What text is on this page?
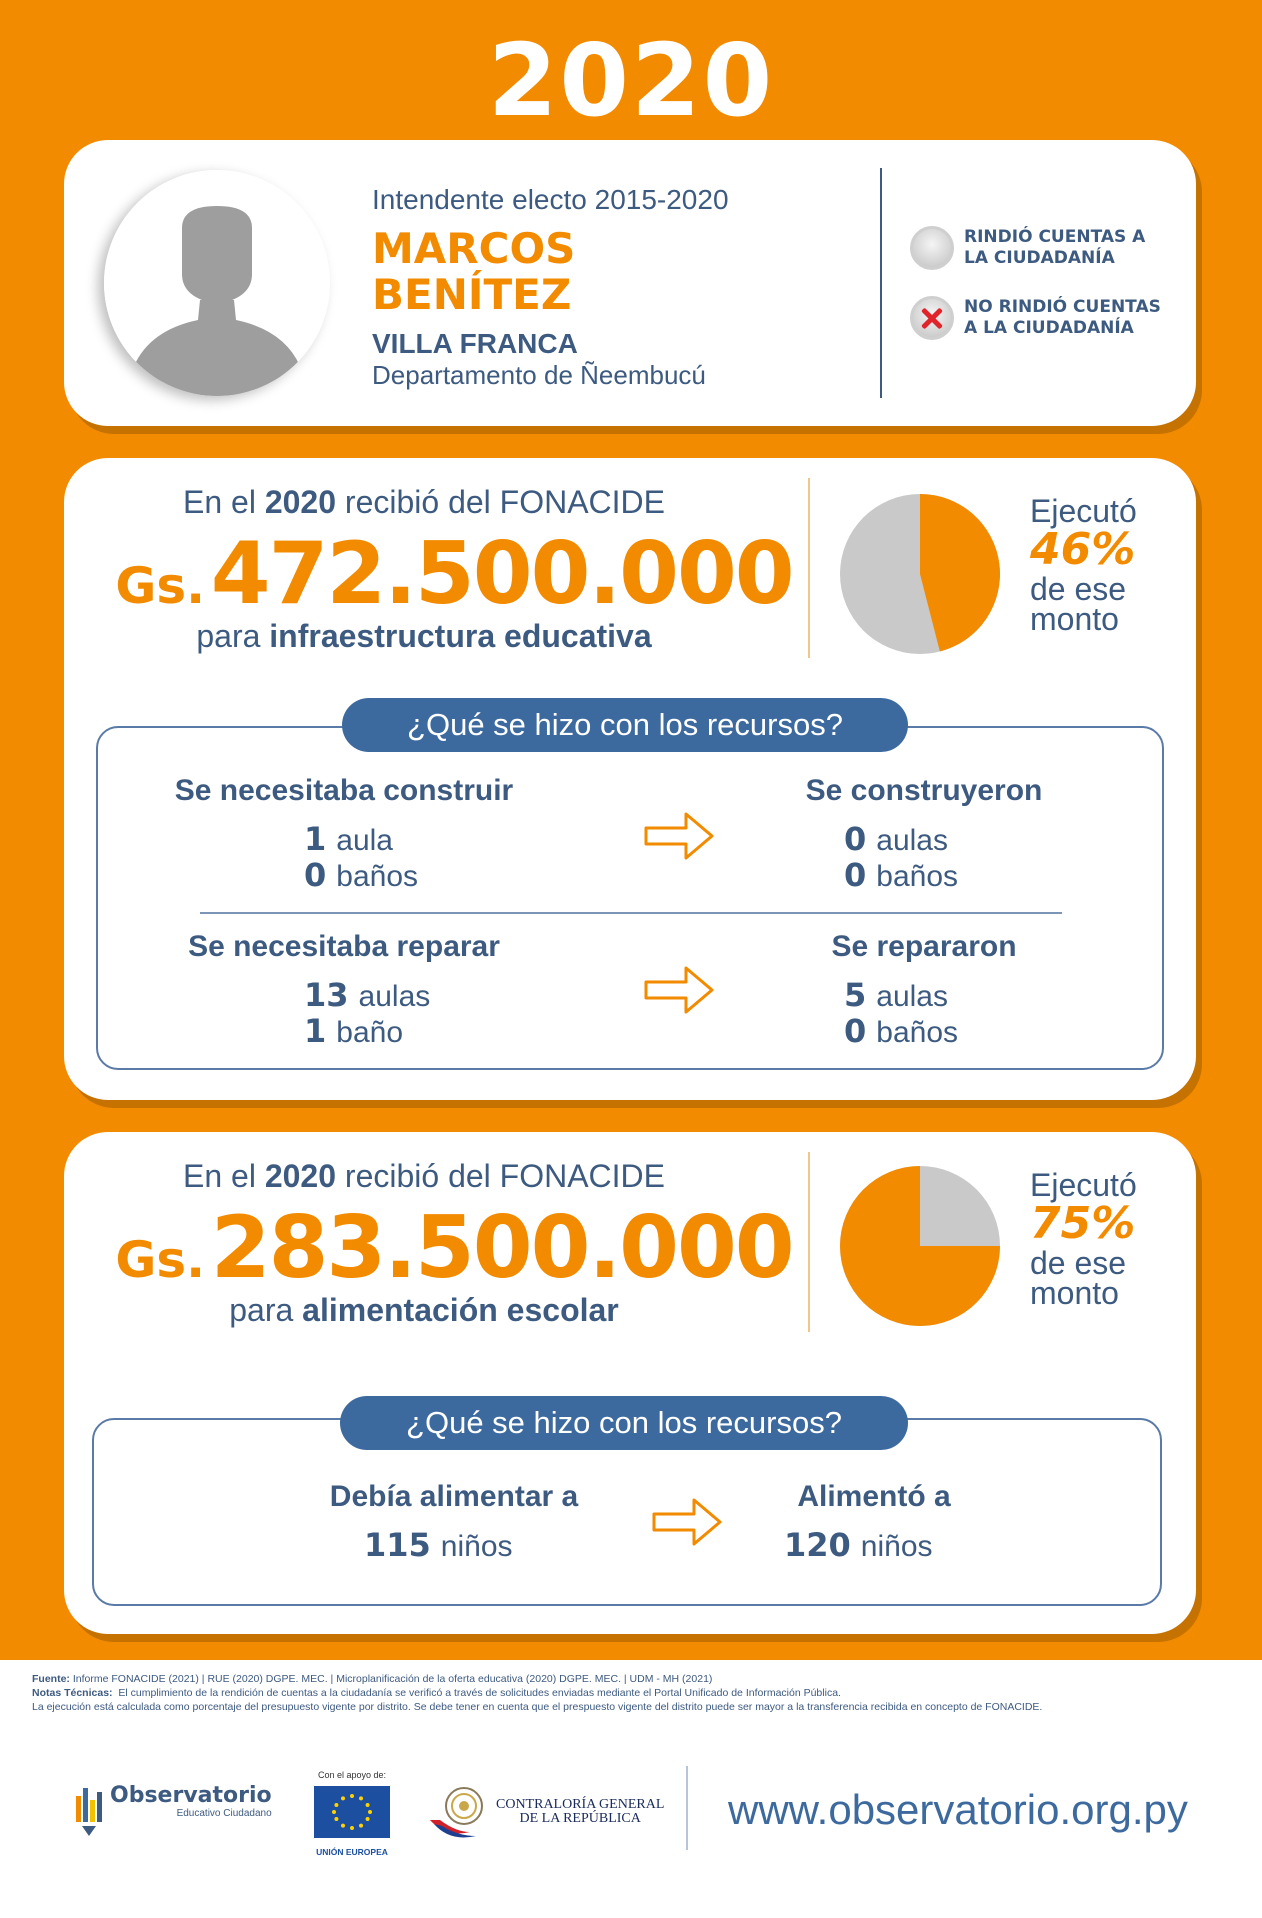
2020
Intendente electo 2015-2020
MARCOS
BENÍTEZ
VILLA FRANCA
Departamento de Ñeembucú
RINDIÓ CUENTAS A LA CIUDADANÍA
NO RINDIÓ CUENTAS A LA CIUDADANÍA
En el 2020 recibió del FONACIDE
Gs. 472.500.000
para infraestructura educativa
Ejecutó
46%
de ese
monto
¿Qué se hizo con los recursos?
Se necesitaba construir
1 aula
0 baños
Se construyeron
0 aulas
0 baños
Se necesitaba reparar
13 aulas
1 baño
Se repararon
5 aulas
0 baños
En el 2020 recibió del FONACIDE
Gs. 283.500.000
para alimentación escolar
Ejecutó
75%
de ese
monto
¿Qué se hizo con los recursos?
Debía alimentar a
115 niños
Alimentó a
120 niños
Fuente: Informe FONACIDE (2021) | RUE (2020) DGPE. MEC. | Microplanificación de la oferta educativa (2020) DGPE. MEC. | UDM - MH (2021)
Notas Técnicas: El cumplimiento de la rendición de cuentas a la ciudadanía se verificó a través de solicitudes enviadas mediante el Portal Unificado de Información Pública.
La ejecución está calculada como porcentaje del presupuesto vigente por distrito. Se debe tener en cuenta que el prespuesto vigente del distrito puede ser mayor a la transferencia recibida en concepto de FONACIDE.
Observatorio
Educativo Ciudadano
Con el apoyo de:
UNIÓN EUROPEA
CONTRALORÍA GENERAL
DE LA REPÚBLICA	www.observatorio.org.py
